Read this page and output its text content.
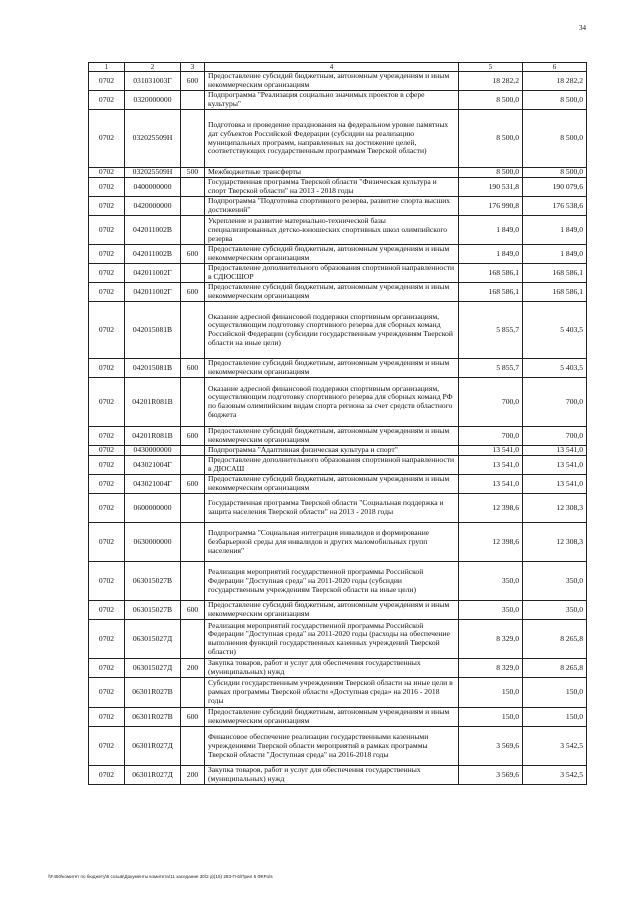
34
1	2	3	4	5	6
0702	031031003Г	600	Предоставление субсидий бюджетным, автономным учреждениям и иным некоммерческим организациям	18 282,2	18 282,2
0702	0320000000		Подпрограмма "Реализация социально значимых проектов в сфере культуры"	8 500,0	8 500,0
0702	032025509Н		Подготовка и проведение празднования на федеральном уровне памятных дат субъектов Российской Федерации (субсидии на реализацию муниципальных программ, направленных на достижение целей, соответствующих государственным программам Тверской области)	8 500,0	8 500,0
0702	032025509Н	500	Межбюджетные трансферты	8 500,0	8 500,0
0702	0400000000		Государственная программа Тверской области "Физическая культура и спорт Тверской области" на 2013 - 2018 годы	190 531,8	190 079,6
0702	0420000000		Подпрограмма "Подготовка спортивного резерва, развитие спорта высших достижений"	176 990,8	176 538,6
0702	042011002В		Укрепление и развитие материально-технической базы специализированных детско-юношеских спортивных школ олимпийского резерва	1 849,0	1 849,0
0702	042011002В	600	Предоставление субсидий бюджетным, автономным учреждениям и иным некоммерческим организациям	1 849,0	1 849,0
0702	042011002Г		Предоставление дополнительного образования спортивной направленности в СДЮСШОР	168 586,1	168 586,1
0702	042011002Г	600	Предоставление субсидий бюджетным, автономным учреждениям и иным некоммерческим организациям	168 586,1	168 586,1
0702	042015081В		Оказание адресной финансовой поддержки спортивным организациям, осуществляющим подготовку спортивного резерва для сборных команд Российской Федерации (субсидии государственным учреждениям Тверской области на иные цели)	5 855,7	5 403,5
0702	042015081В	600	Предоставление субсидий бюджетным, автономным учреждениям и иным некоммерческим организациям	5 855,7	5 403,5
0702	04201R081В		Оказание адресной финансовой поддержки спортивным организациям, осуществляющим подготовку спортивного резерва для сборных команд РФ по базовым олимпийским видам спорта региона за счет средств областного бюджета	700,0	700,0
0702	04201R081В	600	Предоставление субсидий бюджетным, автономным учреждениям и иным некоммерческим организациям	700,0	700,0
0702	0430000000		Подпрограмма "Адаптивная физическая культура и спорт"	13 541,0	13 541,0
0702	043021004Г		Предоставление дополнительного образования спортивной направленности в ДЮСАШ	13 541,0	13 541,0
0702	043021004Г	600	Предоставление субсидий бюджетным, автономным учреждениям и иным некоммерческим организациям	13 541,0	13 541,0
0702	0600000000		Государственная программа Тверской области "Социальная поддержка и защита населения Тверской области" на 2013 - 2018 годы	12 398,6	12 308,3
0702	0630000000		Подпрограмма "Социальная интеграция инвалидов и формирование безбарьерной среды для инвалидов и других маломобильных групп населения"	12 398,6	12 308,3
0702	063015027В		Реализация мероприятий государственной программы Российской Федерации "Доступная среда" на 2011-2020 годы (субсидии государственным учреждениям Тверской области на иные цели)	350,0	350,0
0702	063015027В	600	Предоставление субсидий бюджетным, автономным учреждениям и иным некоммерческим организациям	350,0	350,0
0702	063015027Д		Реализация мероприятий государственной программы Российской Федерации "Доступная среда" на 2011-2020 годы (расходы на обеспечение выполнения функций государственных казенных учреждений Тверской области)	8 329,0	8 265,8
0702	063015027Д	200	Закупка товаров, работ и услуг для обеспечения государственных (муниципальных) нужд	8 329,0	8 265,8
0702	06301R027В		Субсидии государственным учреждениям Тверской области на иные цели в рамках программы Тверской области «Доступная среда» на 2016 - 2018 годы	150,0	150,0
0702	06301R027В	600	Предоставление субсидий бюджетным, автономным учреждениям и иным некоммерческим организациям	150,0	150,0
0702	06301R027Д		Финансовое обеспечение реализации государственными казенными учреждениями Тверской области мероприятий в рамках программы Тверской области "Доступная среда" на 2016-2018 годы	3 569,6	3 542,5
0702	06301R027Д	200	Закупка товаров, работ и услуг для обеспечения государственных (муниципальных) нужд	3 569,6	3 542,5
\\F450\комитет по бюджету\6 созыв\Документы комитета\11 заседание 30\2 д\(15) 283-П-6\Прил 5 ФКР.xls
